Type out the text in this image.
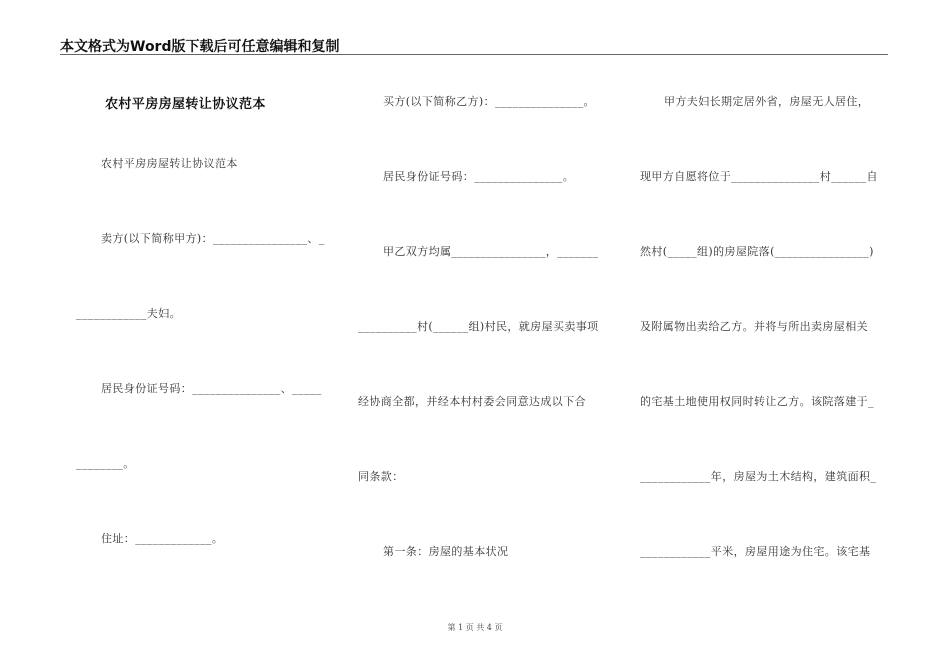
本文格式为Word版下载后可任意编辑和复制
农村平房房屋转让协议范本
农村平房房屋转让协议范本
卖方(以下简称甲方)：________________、_
____________夫妇。
居民身份证号码：_______________、_____
________。
住址：_____________。
买方(以下简称乙方)：_______________。
居民身份证号码：_______________。
甲乙双方均属________________，_______
__________村(______组)村民，就房屋买卖事项
经协商全都，并经本村村委会同意达成以下合
同条款：
第一条：房屋的基本状况
甲方夫妇长期定居外省，房屋无人居住，
现甲方自愿将位于_______________村______自
然村(_____组)的房屋院落(________________)
及附属物出卖给乙方。并将与所出卖房屋相关
的宅基土地使用权同时转让乙方。该院落建于_
____________年，房屋为土木结构，建筑面积_
____________平米，房屋用途为住宅。该宅基
第 1 页 共 4 页
